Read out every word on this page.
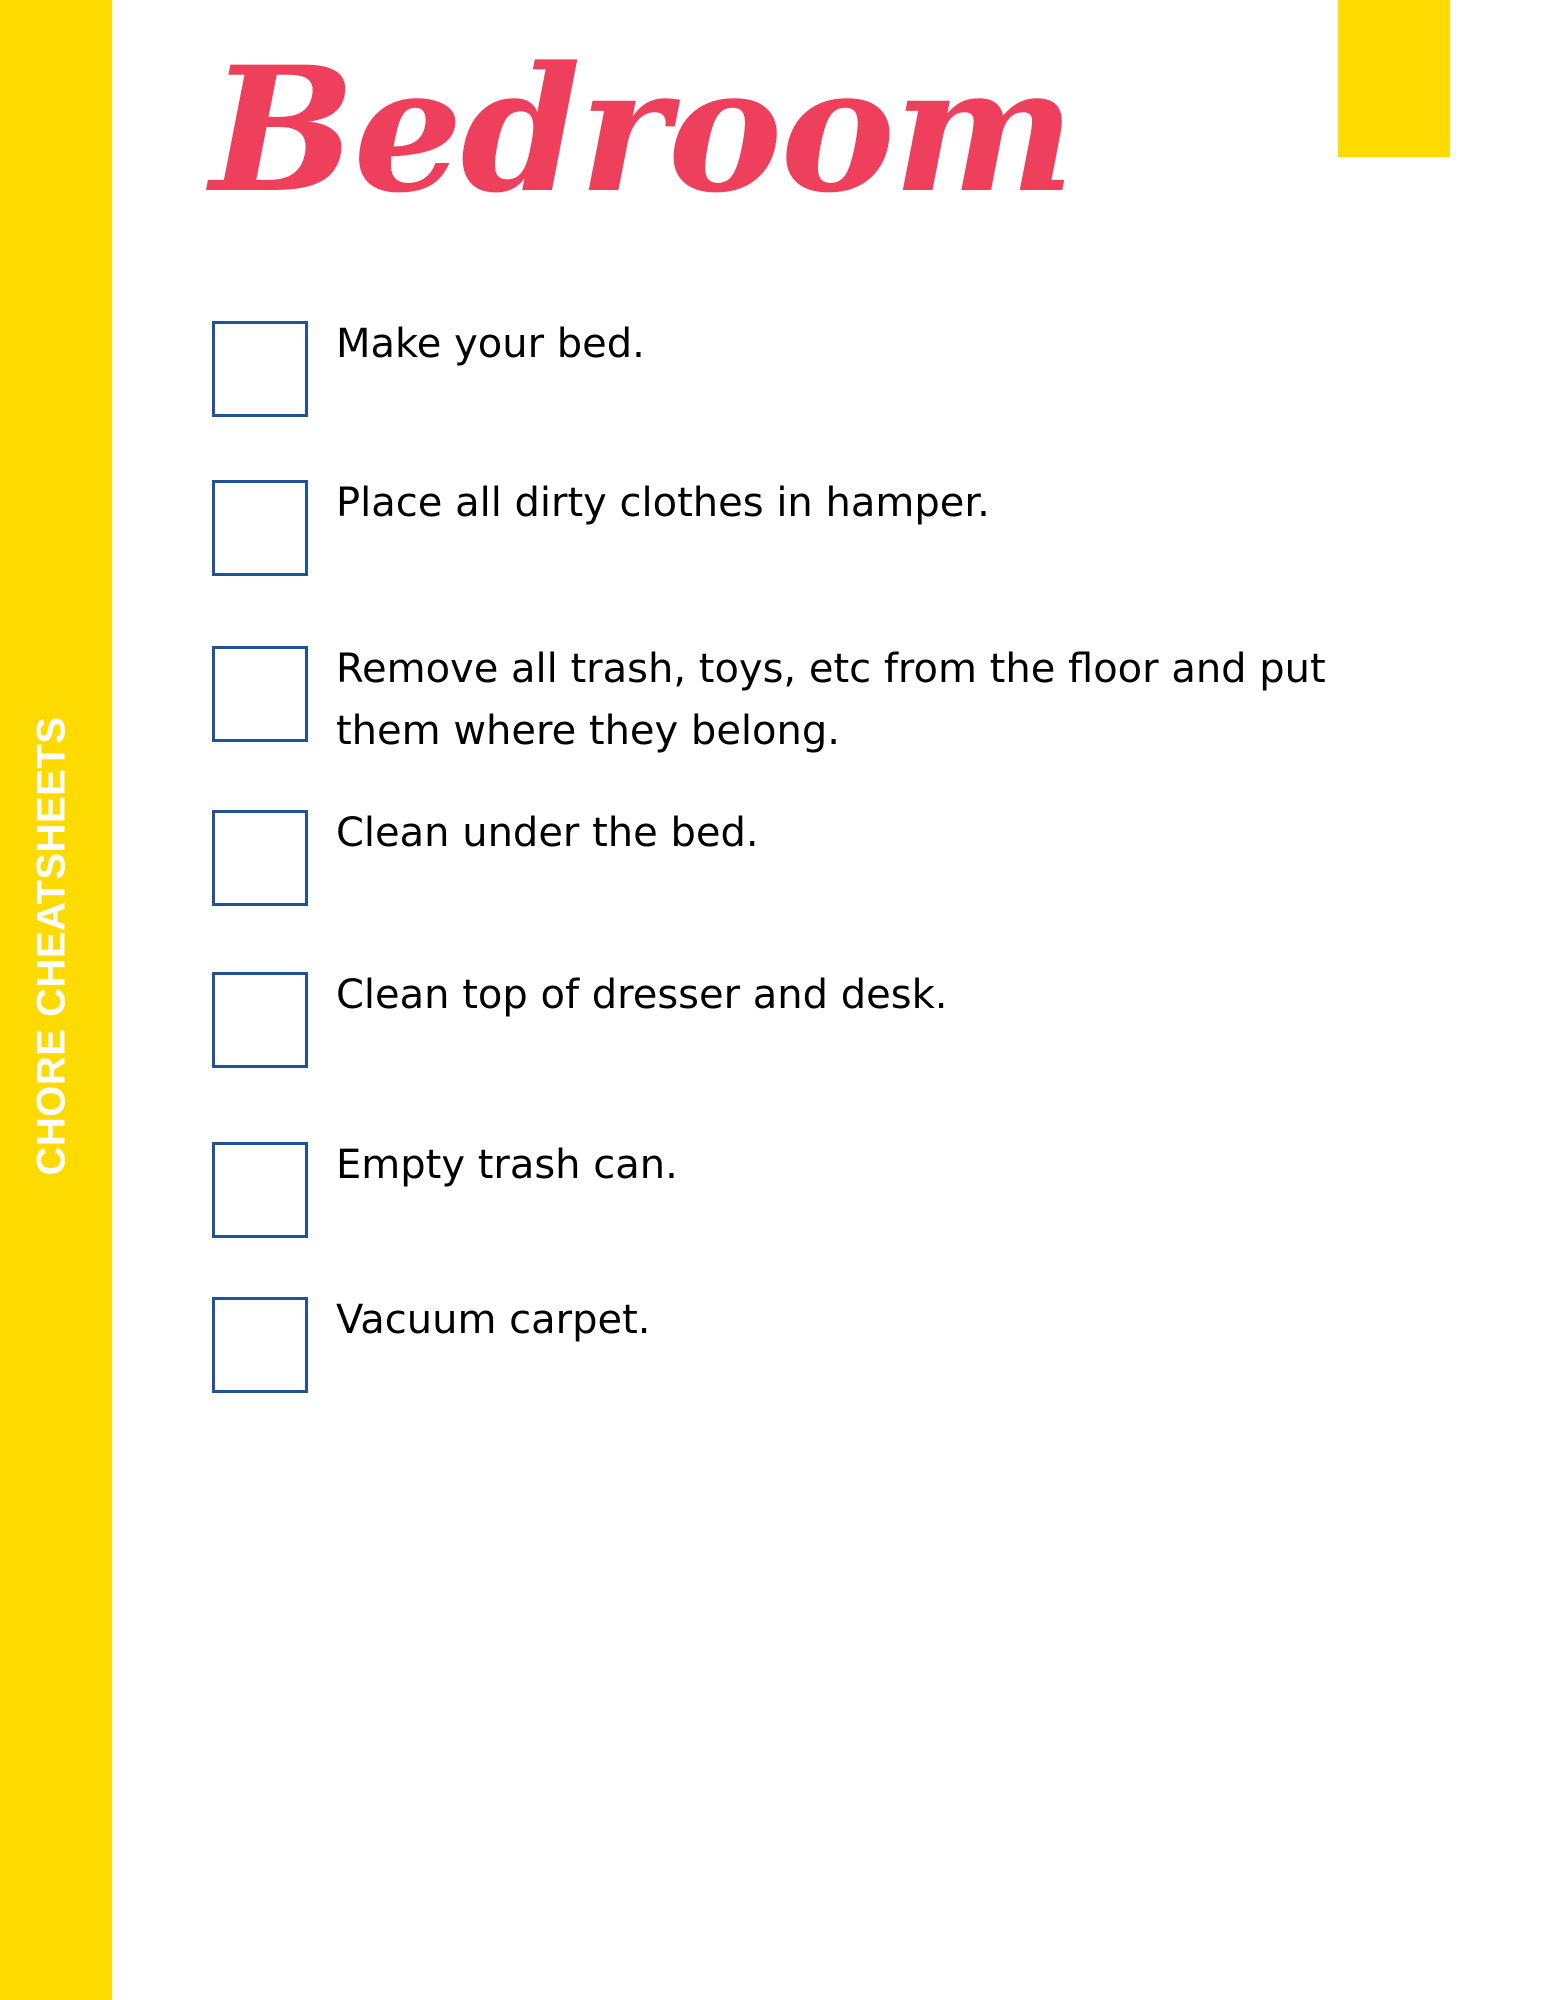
CHORE CHEATSHEETS
Bedroom
Make your bed.
Place all dirty clothes in hamper.
Remove all trash, toys, etc from the floor and put them where they belong.
Clean under the bed.
Clean top of dresser and desk.
Empty trash can.
Vacuum carpet.
